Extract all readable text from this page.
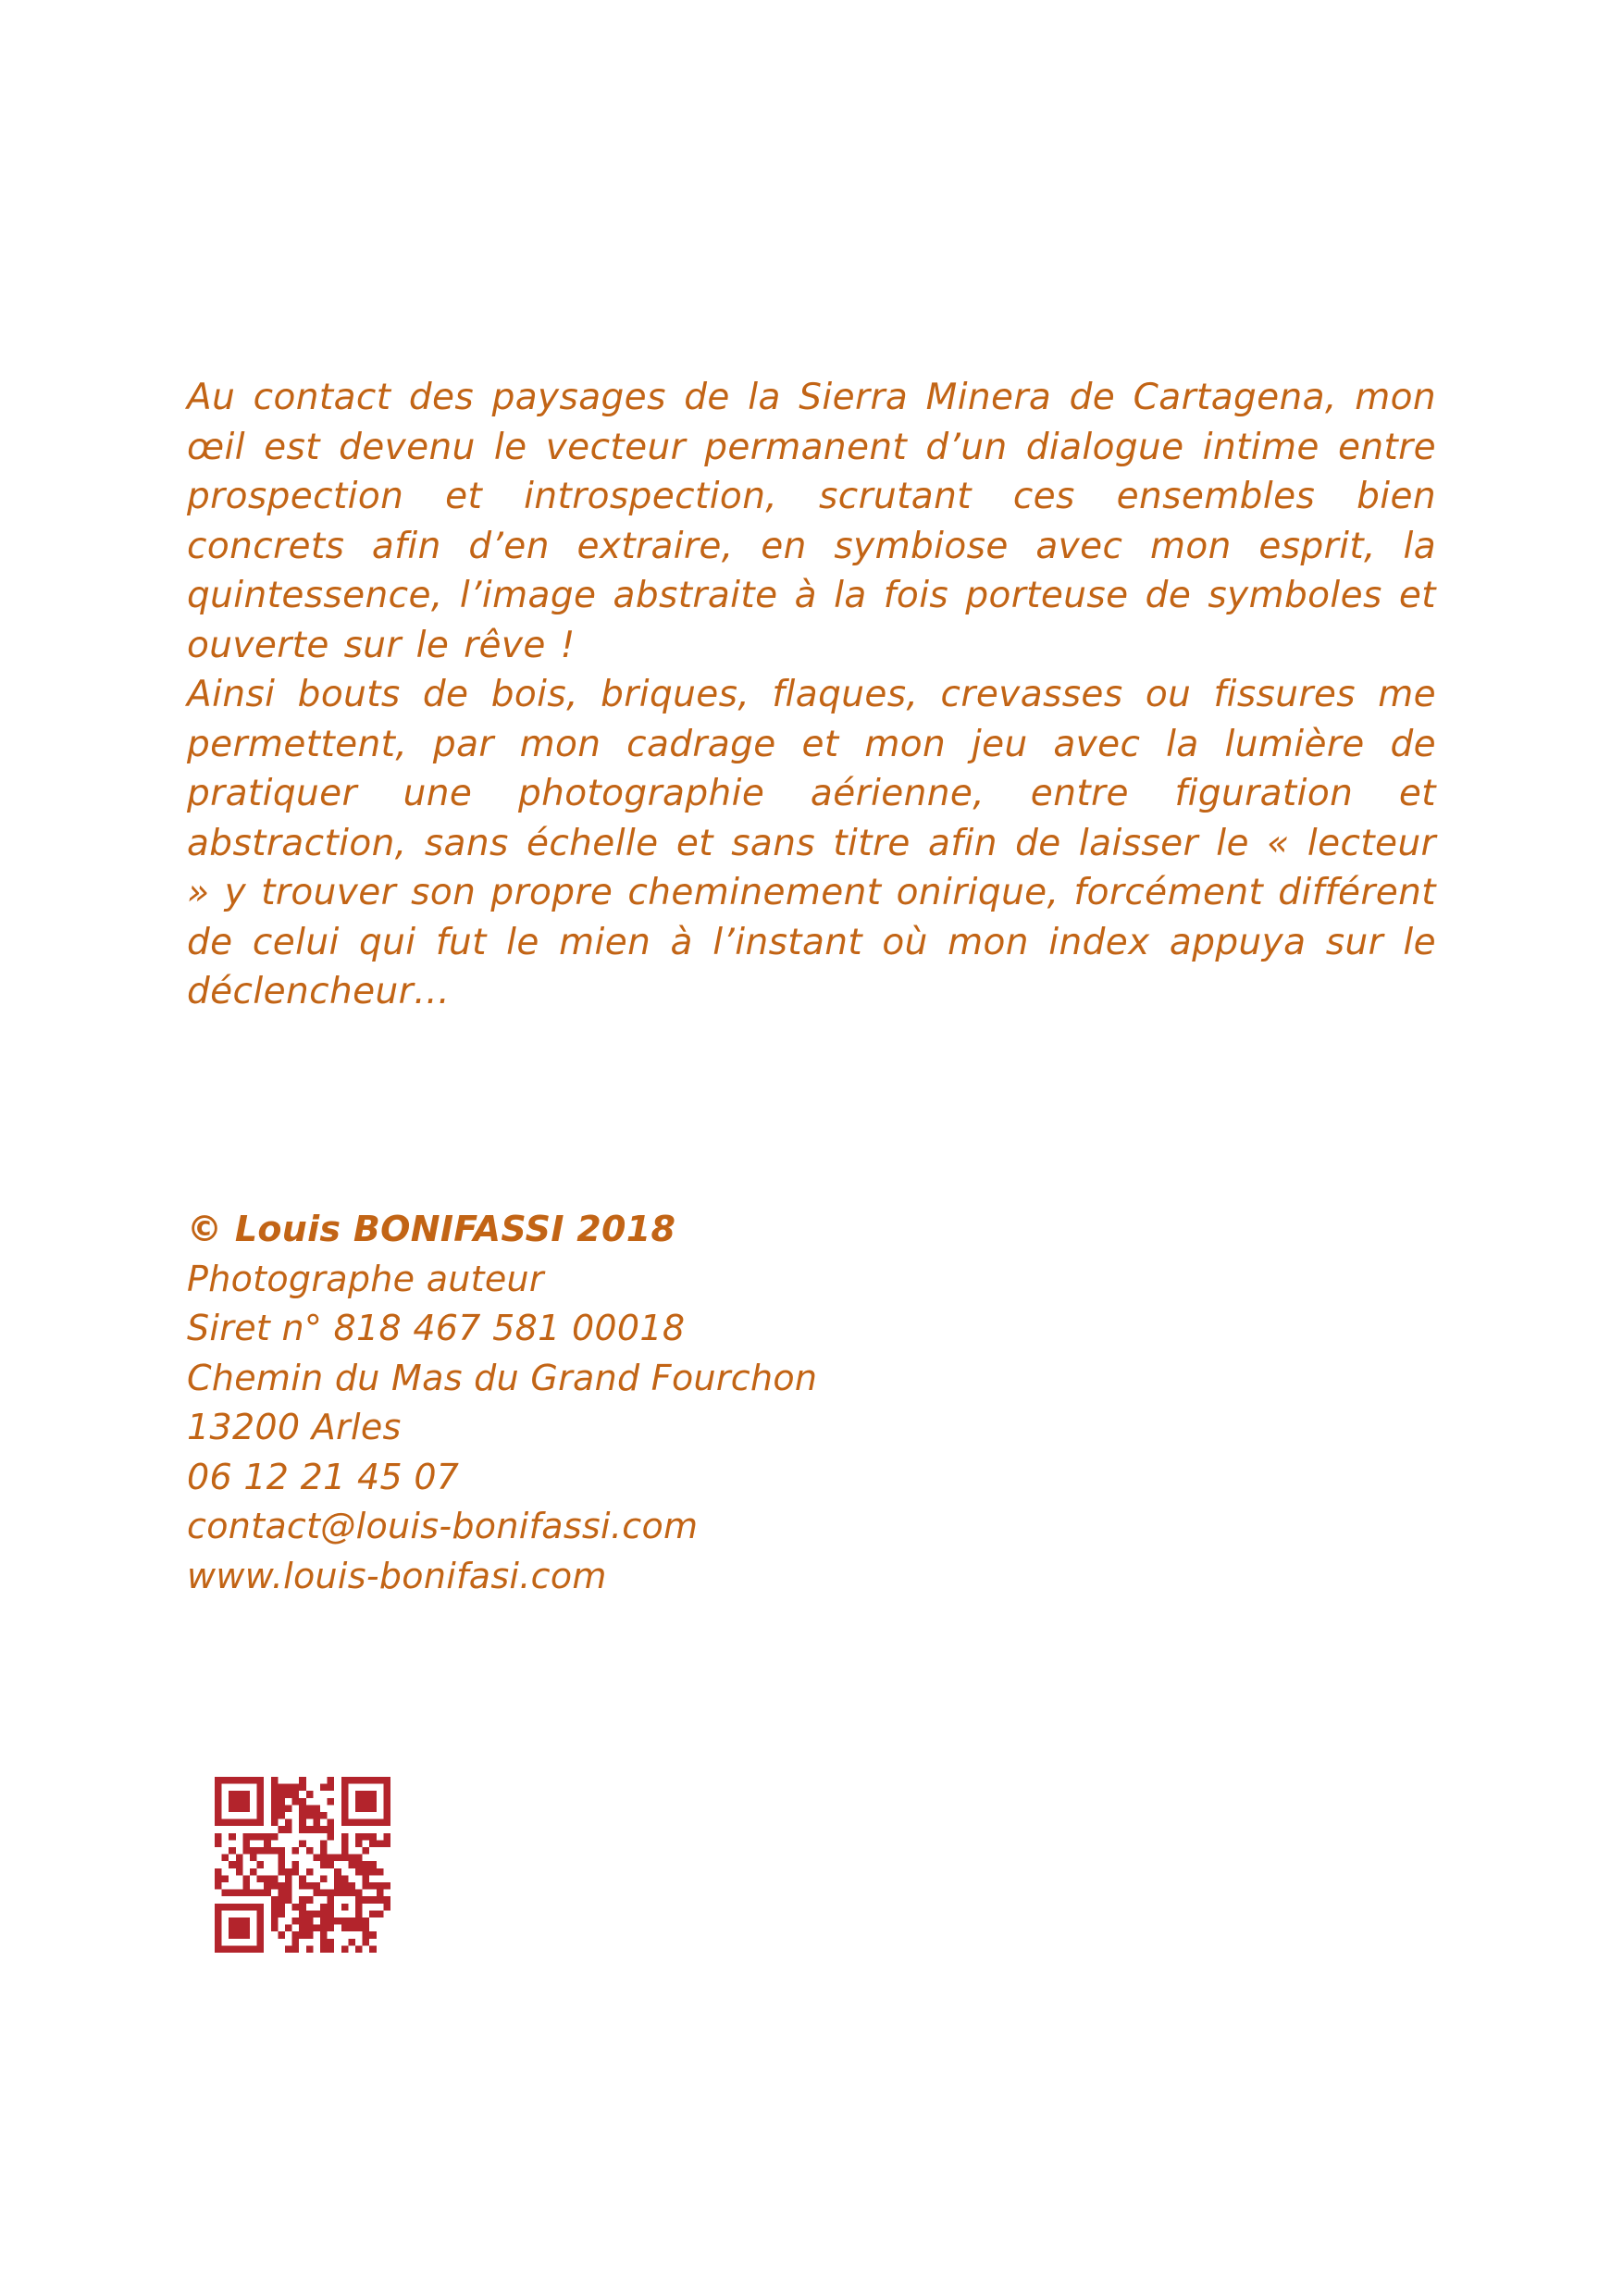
Au contact des paysages de la Sierra Minera de Cartagena, mon œil est devenu le vecteur permanent d’un dialogue intime entre prospection et introspection, scrutant ces ensembles bien concrets afin d’en extraire, en symbiose avec mon esprit, la quintessence, l’image abstraite à la fois porteuse de symboles et ouverte sur le rêve !

Ainsi bouts de bois, briques, flaques, crevasses ou fissures me permettent, par mon cadrage et mon jeu avec la lumière de pratiquer une photographie aérienne, entre figuration et abstraction, sans échelle et sans titre afin de laisser le « lecteur » y trouver son propre cheminement onirique, forcément différent de celui qui fut le mien à l’instant où mon index appuya sur le déclencheur…

© Louis BONIFASSI 2018
Photographe auteur
Siret n° 818 467 581 00018
Chemin du Mas du Grand Fourchon
13200 Arles
06 12 21 45 07
contact@louis-bonifassi.com
www.louis-bonifasi.com
